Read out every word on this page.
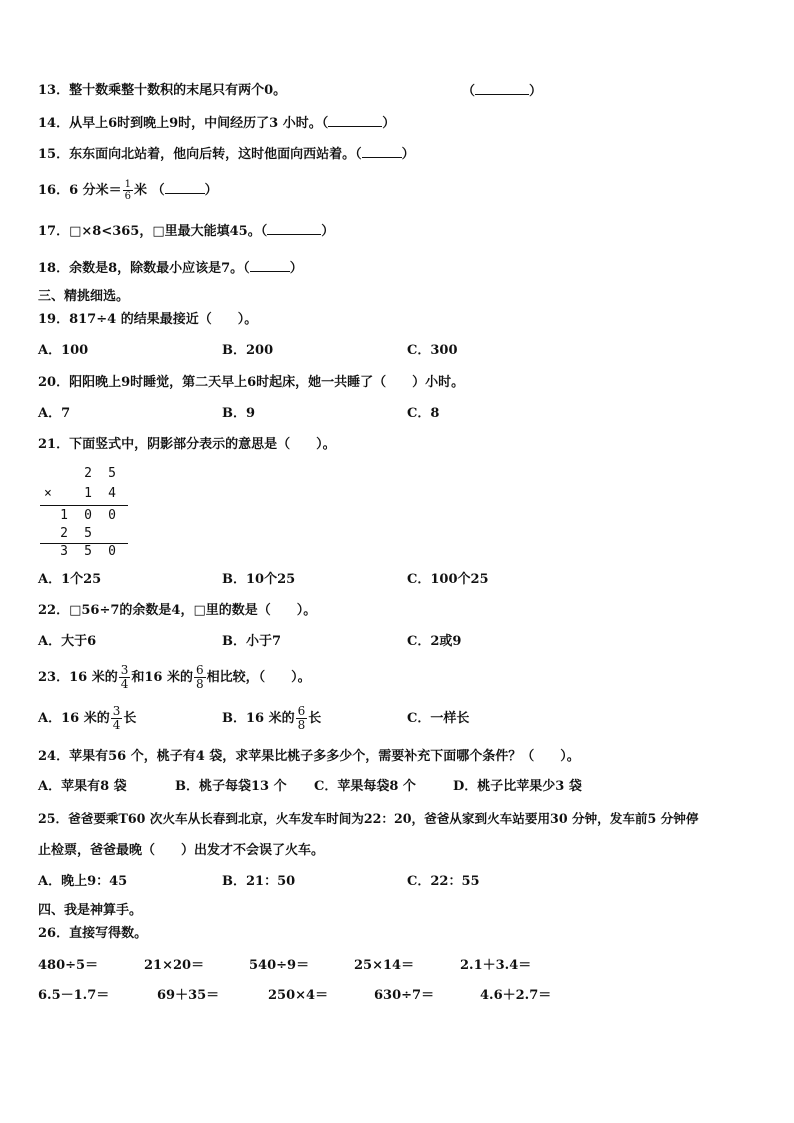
13．整十数乘整十数积的末尾只有两个0。	（	）
14．从早上6时到晚上9时，中间经历了3 小时。（	）
15．东东面向北站着，他向后转，这时他面向西站着。（	）
16．6 分米＝ $\frac{1}{6}$ 米 （	）
17．□×8<365，□里最大能填45。（	）
18．余数是8，除数最小应该是7。（	）
三、精挑细选。
19．817÷4 的结果最接近（　　）。
A．100	B．200	C．300
20．阳阳晚上9时睡觉，第二天早上6时起床，她一共睡了（　　）小时。
A．7	B．9	C．8
21．下面竖式中，阴影部分表示的意思是（　　）。
2 5
×	1 4
1 0 0
2 5
3 5 0
A．1个25	B．10个25	C．100个25
22．□56÷7的余数是4，□里的数是（　　）。
A．大于6	B．小于7	C．2或9
23．16 米的 $\frac{3}{4}$ 和16 米的 $\frac{6}{8}$ 相比较，（　　）。
A．16 米的 $\frac{3}{4}$ 长	B．16 米的 $\frac{6}{8}$ 长	C．一样长
24．苹果有56 个，桃子有4 袋，求苹果比桃子多多少个，需要补充下面哪个条件？（　　）。
A．苹果有8 袋	B．桃子每袋13 个 C．苹果每袋8 个	D．桃子比苹果少3 袋
25．爸爸要乘T60 次火车从长春到北京，火车发车时间为22：20，爸爸从家到火车站要用30 分钟，发车前5 分钟停
止检票，爸爸最晚（　　）出发才不会误了火车。
A．晚上9：45	B．21：50	C．22：55
四、我是神算手。
26．直接写得数。
480÷5＝	21×20＝	540÷9＝	25×14＝	2.1＋3.4＝
6.5－1.7＝	69＋35＝	250×4＝	630÷7＝	4.6＋2.7＝
